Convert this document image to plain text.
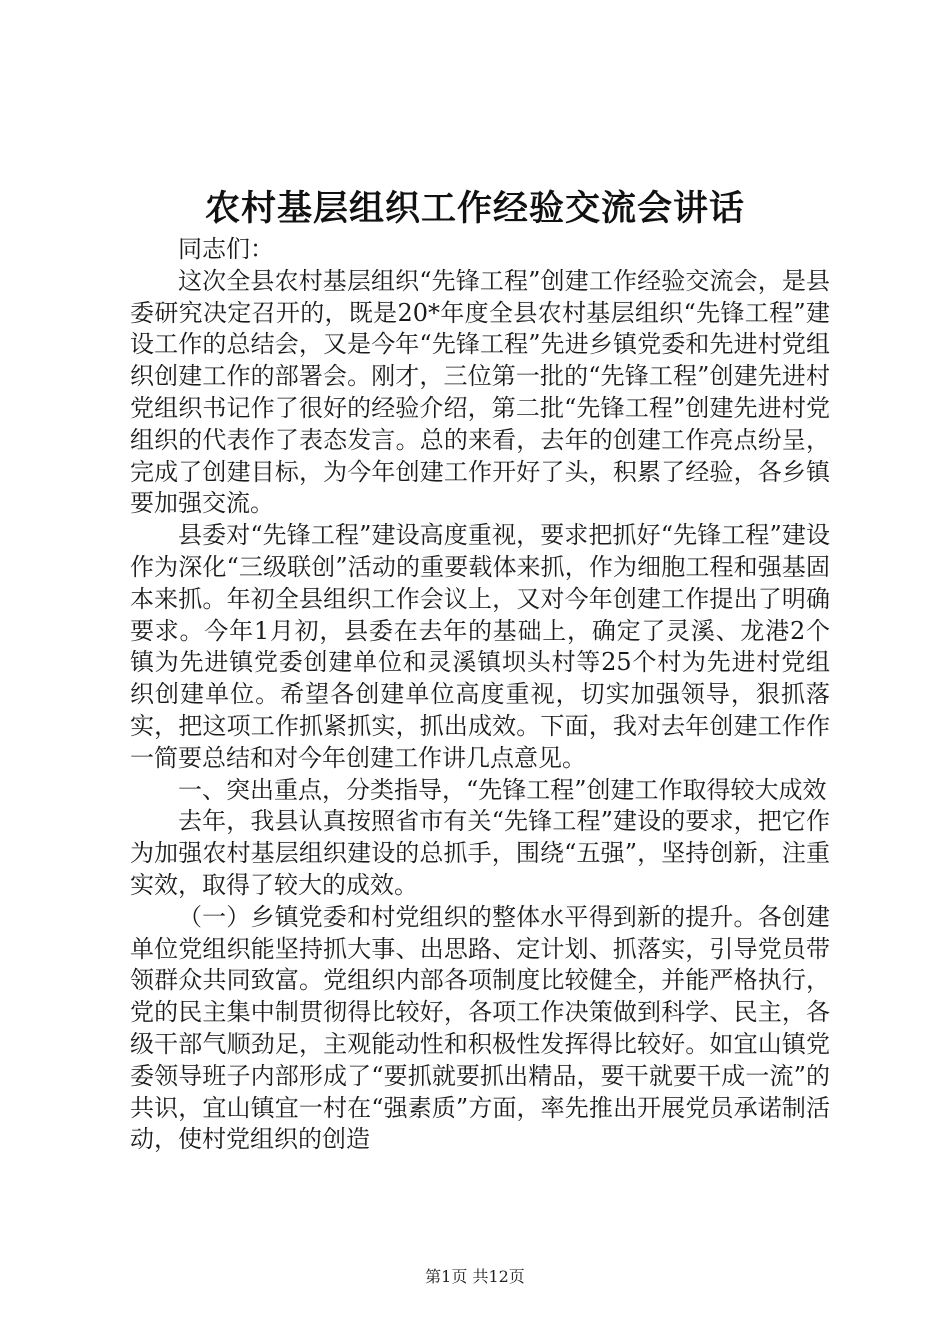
农村基层组织工作经验交流会讲话

同志们：

这次全县农村基层组织“先锋工程”创建工作经验交流会，是县委研究决定召开的，既是20*年度全县农村基层组织“先锋工程”建设工作的总结会，又是今年“先锋工程”先进乡镇党委和先进村党组织创建工作的部署会。刚才，三位第一批的“先锋工程”创建先进村党组织书记作了很好的经验介绍，第二批“先锋工程”创建先进村党组织的代表作了表态发言。总的来看，去年的创建工作亮点纷呈，完成了创建目标，为今年创建工作开好了头，积累了经验，各乡镇要加强交流。

县委对“先锋工程”建设高度重视，要求把抓好“先锋工程”建设作为深化“三级联创”活动的重要载体来抓，作为细胞工程和强基固本来抓。年初全县组织工作会议上，又对今年创建工作提出了明确要求。今年1月初，县委在去年的基础上，确定了灵溪、龙港2个镇为先进镇党委创建单位和灵溪镇坝头村等25个村为先进村党组织创建单位。希望各创建单位高度重视，切实加强领导，狠抓落实，把这项工作抓紧抓实，抓出成效。下面，我对去年创建工作作一简要总结和对今年创建工作讲几点意见。

一、突出重点，分类指导，“先锋工程”创建工作取得较大成效

去年，我县认真按照省市有关“先锋工程”建设的要求，把它作为加强农村基层组织建设的总抓手，围绕“五强”，坚持创新，注重实效，取得了较大的成效。

（一）乡镇党委和村党组织的整体水平得到新的提升。各创建单位党组织能坚持抓大事、出思路、定计划、抓落实，引导党员带领群众共同致富。党组织内部各项制度比较健全，并能严格执行，党的民主集中制贯彻得比较好，各项工作决策做到科学、民主，各级干部气顺劲足，主观能动性和积极性发挥得比较好。如宜山镇党委领导班子内部形成了“要抓就要抓出精品，要干就要干成一流”的共识，宜山镇宜一村在“强素质”方面，率先推出开展党员承诺制活动，使村党组织的创造

第1页 共12页
